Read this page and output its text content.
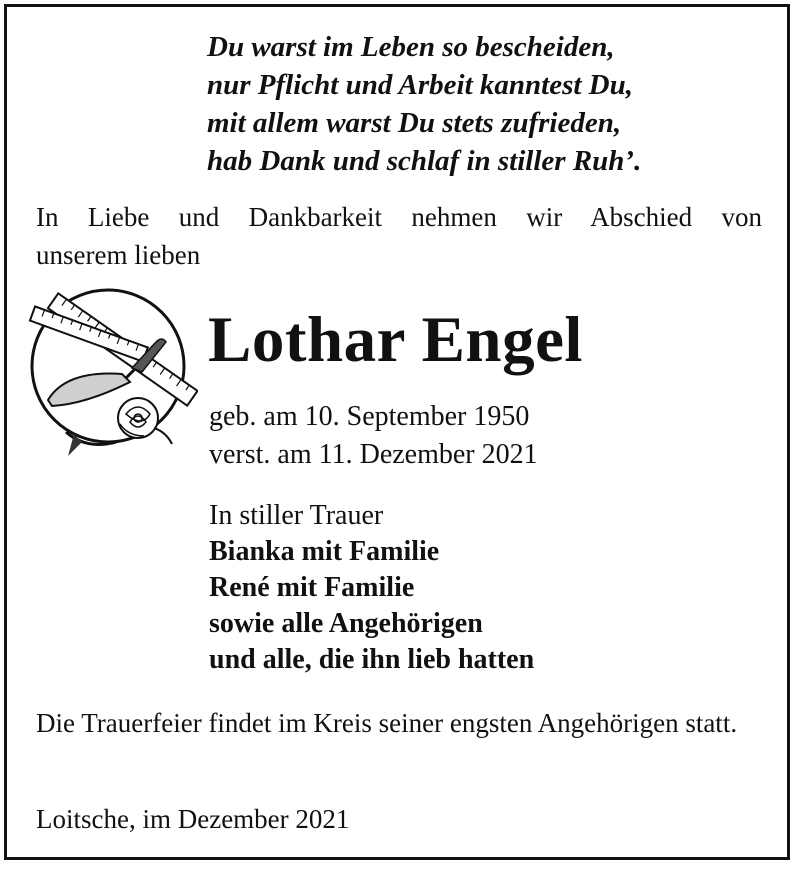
Du warst im Leben so bescheiden,
nur Pflicht und Arbeit kanntest Du,
mit allem warst Du stets zufrieden,
hab Dank und schlaf in stiller Ruh’.
In Liebe und Dankbarkeit nehmen wir Abschied von
unserem lieben
Lothar Engel
geb. am 10. September 1950
verst. am 11. Dezember 2021
In stiller Trauer
Bianka mit Familie
René mit Familie
sowie alle Angehörigen
und alle, die ihn lieb hatten
Die Trauerfeier findet im Kreis seiner engsten Angehörigen statt.
Loitsche, im Dezember 2021
